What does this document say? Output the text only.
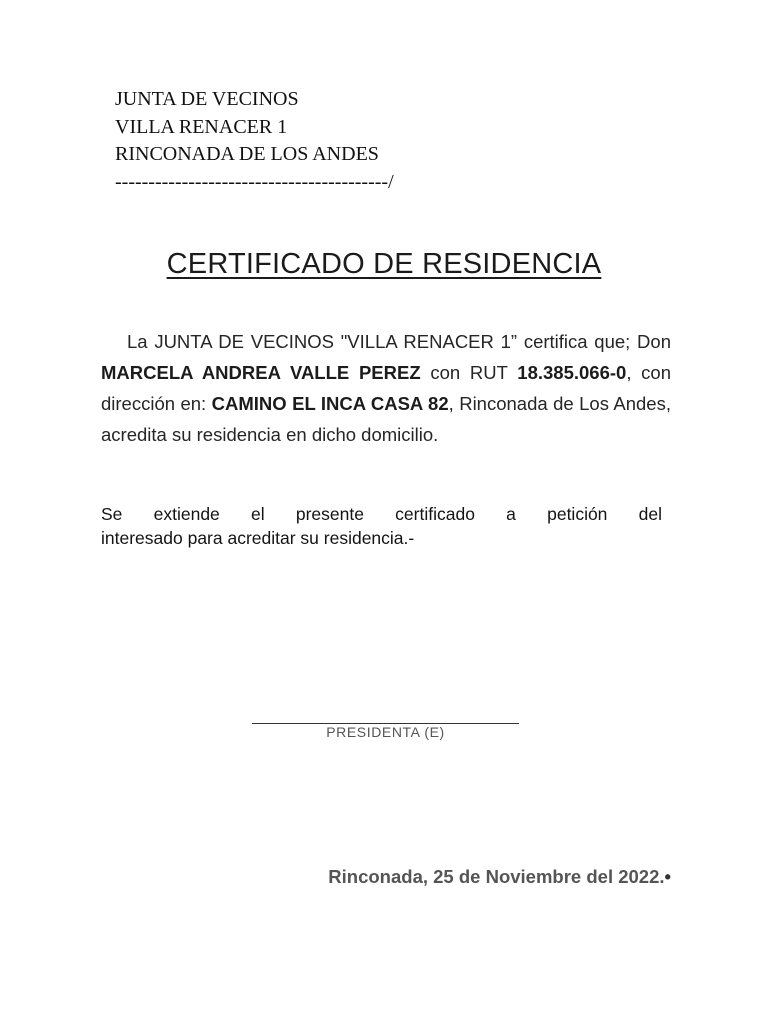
JUNTA DE VECINOS
VILLA RENACER 1
RINCONADA DE LOS ANDES
-----------------------------------------/
CERTIFICADO DE RESIDENCIA
La JUNTA DE VECINOS "VILLA RENACER 1” certifica que; Don MARCELA ANDREA VALLE PEREZ con RUT 18.385.066-0, con dirección en: CAMINO EL INCA CASA 82, Rinconada de Los Andes, acredita su residencia en dicho domicilio.
Se extiende el presente certificado a petición del
interesado para acreditar su residencia.-
PRESIDENTA (E)
Rinconada, 25 de Noviembre del 2022.•
